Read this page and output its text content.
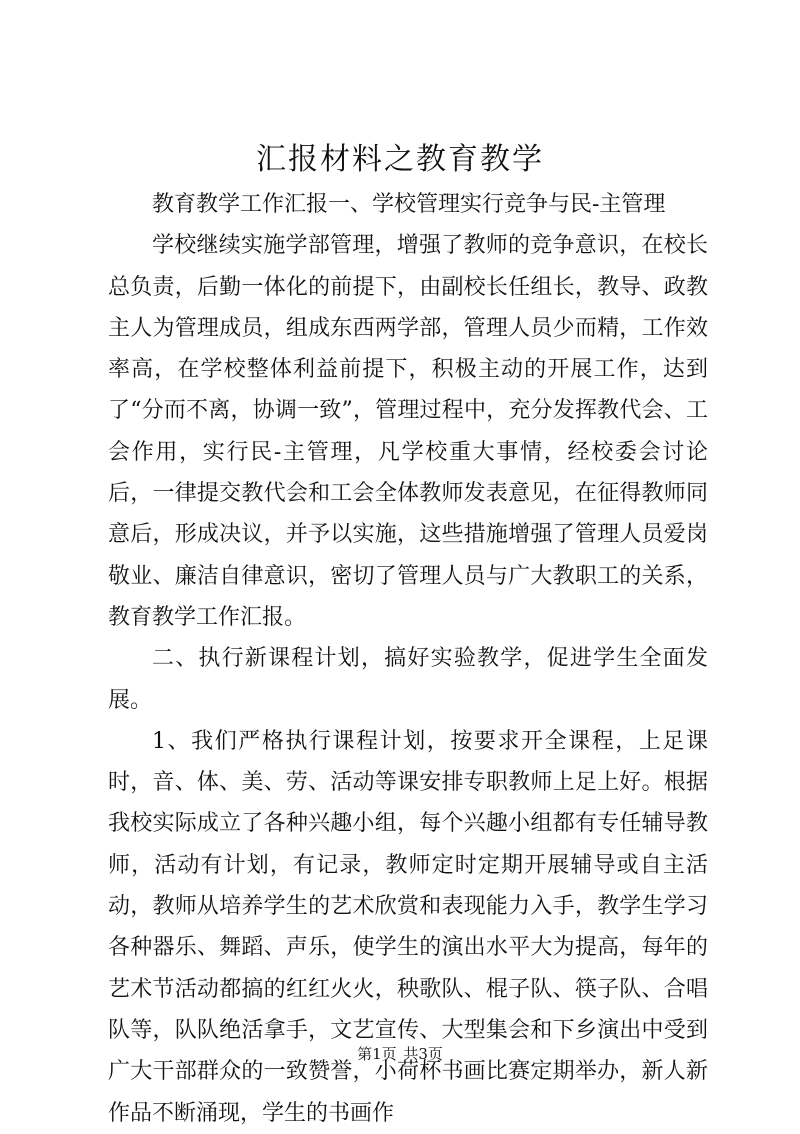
汇报材料之教育教学

教育教学工作汇报一、学校管理实行竞争与民-主管理

学校继续实施学部管理，增强了教师的竞争意识，在校长总负责，后勤一体化的前提下，由副校长任组长，教导、政教主人为管理成员，组成东西两学部，管理人员少而精，工作效率高，在学校整体利益前提下，积极主动的开展工作，达到了“分而不离，协调一致”，管理过程中，充分发挥教代会、工会作用，实行民-主管理，凡学校重大事情，经校委会讨论后，一律提交教代会和工会全体教师发表意见，在征得教师同意后，形成决议，并予以实施，这些措施增强了管理人员爱岗敬业、廉洁自律意识，密切了管理人员与广大教职工的关系，教育教学工作汇报。

二、执行新课程计划，搞好实验教学，促进学生全面发展。

1、我们严格执行课程计划，按要求开全课程，上足课时，音、体、美、劳、活动等课安排专职教师上足上好。根据我校实际成立了各种兴趣小组，每个兴趣小组都有专任辅导教师，活动有计划，有记录，教师定时定期开展辅导或自主活动，教师从培养学生的艺术欣赏和表现能力入手，教学生学习各种器乐、舞蹈、声乐，使学生的演出水平大为提高，每年的艺术节活动都搞的红红火火，秧歌队、棍子队、筷子队、合唱队等，队队绝活拿手，文艺宣传、大型集会和下乡演出中受到广大干部群众的一致赞誉，小荷杯书画比赛定期举办，新人新作品不断涌现，学生的书画作

第1页 共3页
